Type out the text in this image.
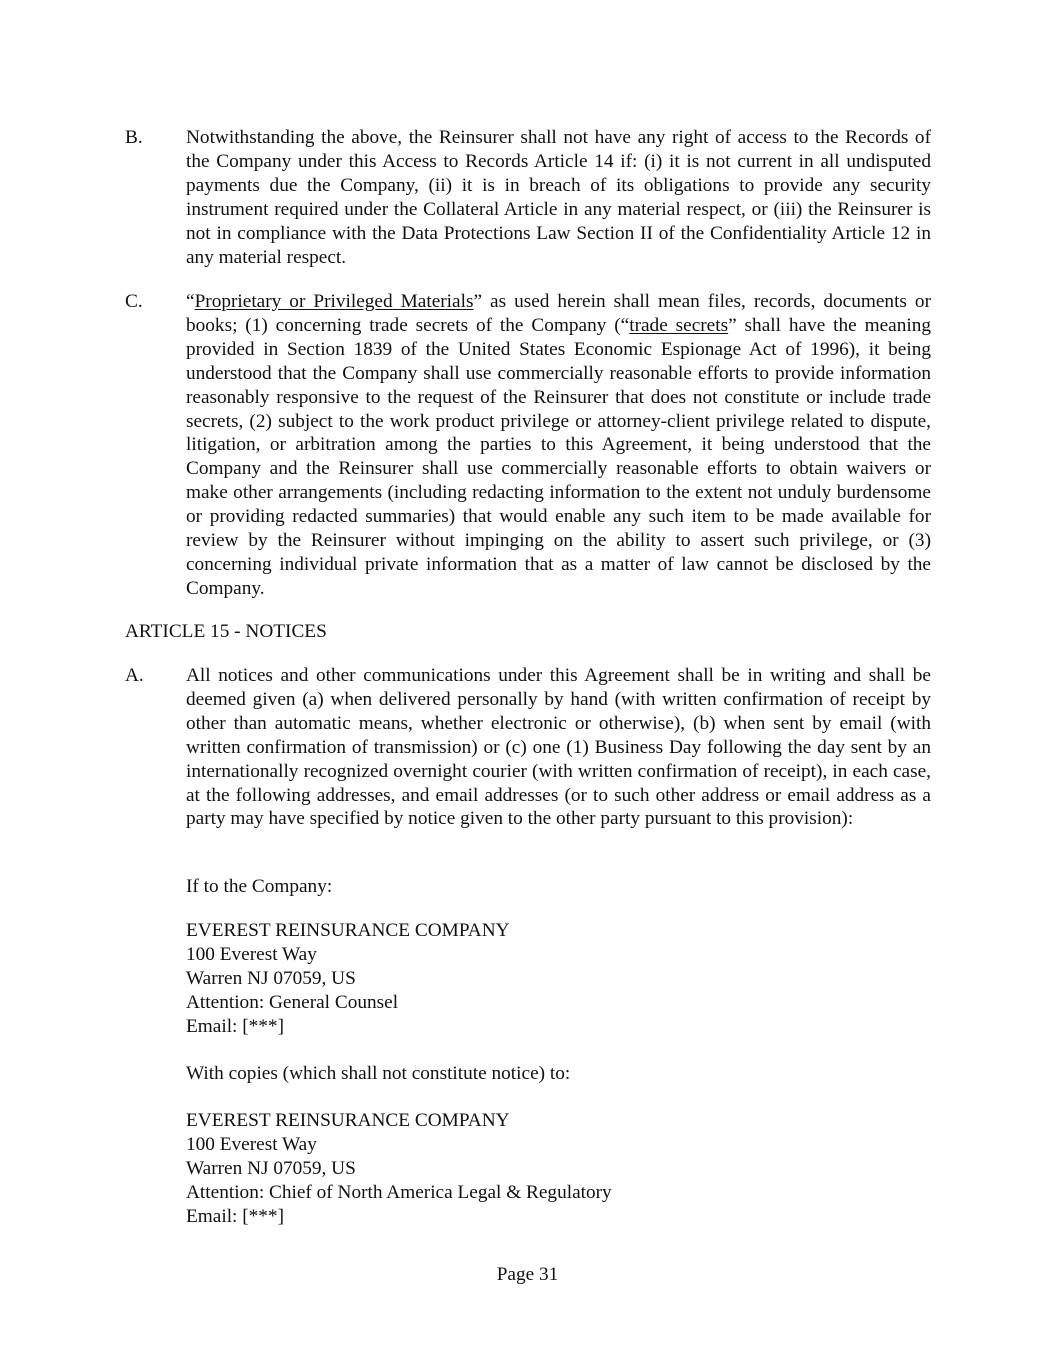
B. Notwithstanding the above, the Reinsurer shall not have any right of access to the Records of the Company under this Access to Records Article 14 if: (i) it is not current in all undisputed payments due the Company, (ii) it is in breach of its obligations to provide any security instrument required under the Collateral Article in any material respect, or (iii) the Reinsurer is not in compliance with the Data Protections Law Section II of the Confidentiality Article 12 in any material respect.
C. “Proprietary or Privileged Materials” as used herein shall mean files, records, documents or books; (1) concerning trade secrets of the Company (“trade secrets” shall have the meaning provided in Section 1839 of the United States Economic Espionage Act of 1996), it being understood that the Company shall use commercially reasonable efforts to provide information reasonably responsive to the request of the Reinsurer that does not constitute or include trade secrets, (2) subject to the work product privilege or attorney-client privilege related to dispute, litigation, or arbitration among the parties to this Agreement, it being understood that the Company and the Reinsurer shall use commercially reasonable efforts to obtain waivers or make other arrangements (including redacting information to the extent not unduly burdensome or providing redacted summaries) that would enable any such item to be made available for review by the Reinsurer without impinging on the ability to assert such privilege, or (3) concerning individual private information that as a matter of law cannot be disclosed by the Company.
ARTICLE 15 - NOTICES
A. All notices and other communications under this Agreement shall be in writing and shall be deemed given (a) when delivered personally by hand (with written confirmation of receipt by other than automatic means, whether electronic or otherwise), (b) when sent by email (with written confirmation of transmission) or (c) one (1) Business Day following the day sent by an internationally recognized overnight courier (with written confirmation of receipt), in each case, at the following addresses, and email addresses (or to such other address or email address as a party may have specified by notice given to the other party pursuant to this provision):
If to the Company:
EVEREST REINSURANCE COMPANY
100 Everest Way
Warren NJ 07059, US
Attention: General Counsel
Email: [***]
With copies (which shall not constitute notice) to:
EVEREST REINSURANCE COMPANY
100 Everest Way
Warren NJ 07059, US
Attention: Chief of North America Legal & Regulatory
Email: [***]
Page 31
